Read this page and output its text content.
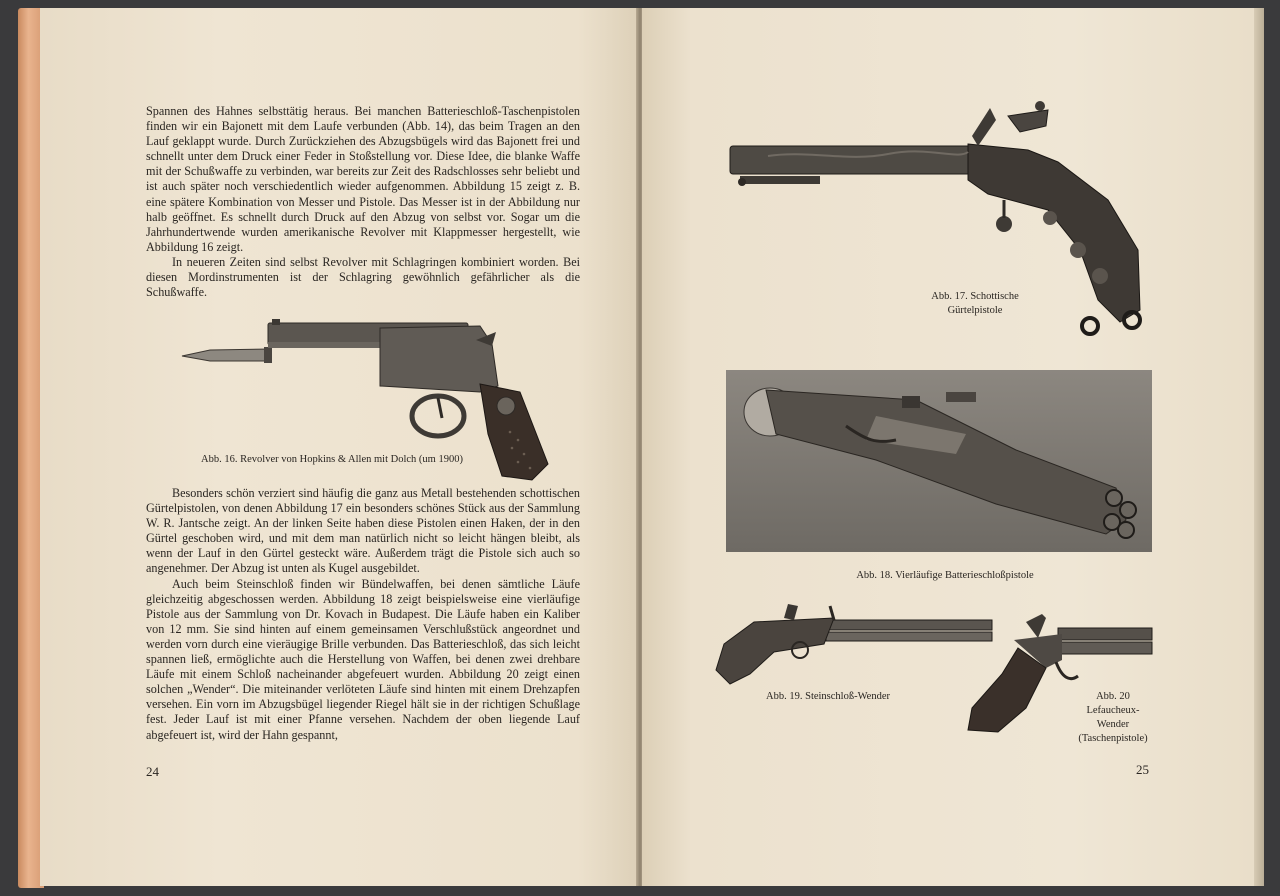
Spannen des Hahnes selbsttätig heraus. Bei manchen Batterieschloß-Taschenpistolen finden wir ein Bajonett mit dem Laufe verbunden (Abb. 14), das beim Tragen an den Lauf geklappt wurde. Durch Zurückziehen des Abzugsbügels wird das Bajonett frei und schnellt unter dem Druck einer Feder in Stoßstellung vor. Diese Idee, die blanke Waffe mit der Schußwaffe zu verbinden, war bereits zur Zeit des Radschlosses sehr beliebt und ist auch später noch verschiedentlich wieder aufgenommen. Abbildung 15 zeigt z. B. eine spätere Kombination von Messer und Pistole. Das Messer ist in der Abbildung nur halb geöffnet. Es schnellt durch Druck auf den Abzug von selbst vor. Sogar um die Jahrhundertwende wurden amerikanische Revolver mit Klappmesser hergestellt, wie Abbildung 16 zeigt.

In neueren Zeiten sind selbst Revolver mit Schlagringen kombiniert worden. Bei diesen Mordinstrumenten ist der Schlagring gewöhnlich gefährlicher als die Schußwaffe.

Abb. 16. Revolver von Hopkins & Allen mit Dolch (um 1900)

Besonders schön verziert sind häufig die ganz aus Metall bestehenden schottischen Gürtelpistolen, von denen Abbildung 17 ein besonders schönes Stück aus der Sammlung W. R. Jantsche zeigt. An der linken Seite haben diese Pistolen einen Haken, der in den Gürtel geschoben wird, und mit dem man natürlich nicht so leicht hängen bleibt, als wenn der Lauf in den Gürtel gesteckt wäre. Außerdem trägt die Pistole sich auch so angenehmer. Der Abzug ist unten als Kugel ausgebildet.

Auch beim Steinschloß finden wir Bündelwaffen, bei denen sämtliche Läufe gleichzeitig abgeschossen werden. Abbildung 18 zeigt beispielsweise eine vierläufige Pistole aus der Sammlung von Dr. Kovach in Budapest. Die Läufe haben ein Kaliber von 12 mm. Sie sind hinten auf einem gemeinsamen Verschlußstück angeordnet und werden vorn durch eine vieräugige Brille verbunden. Das Batterieschloß, das sich leicht spannen ließ, ermöglichte auch die Herstellung von Waffen, bei denen zwei drehbare Läufe mit einem Schloß nacheinander abgefeuert wurden. Abbildung 20 zeigt einen solchen „Wender“. Die miteinander verlöteten Läufe sind hinten mit einem Drehzapfen versehen. Ein vorn im Abzugsbügel liegender Riegel hält sie in der richtigen Schußlage fest. Jeder Lauf ist mit einer Pfanne versehen. Nachdem der oben liegende Lauf abgefeuert ist, wird der Hahn gespannt,

24
Abb. 17. Schottische
Gürtelpistole
Abb. 18. Vierläufige Batterieschloßpistole
Abb. 19. Steinschloß-Wender	Abb. 20
Lefaucheux-
Wender
(Taschenpistole)
25
